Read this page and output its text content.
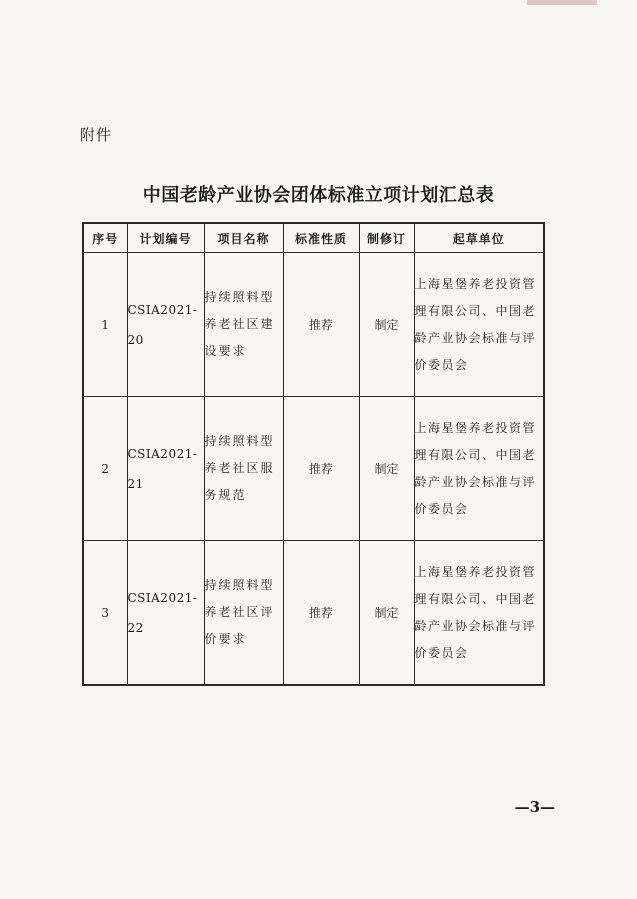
附件
中国老龄产业协会团体标准立项计划汇总表
序号	计划编号	项目名称	标准性质	制修订	起草单位
1	CSIA2021-20	持续照料型养老社区建设要求	推荐	制定	上海星堡养老投资管理有限公司、中国老龄产业协会标准与评价委员会

2	CSIA2021-21	持续照料型养老社区服务规范	推荐	制定	上海星堡养老投资管理有限公司、中国老龄产业协会标准与评价委员会

3	CSIA2021-22	持续照料型养老社区评价要求	推荐	制定	上海星堡养老投资管理有限公司、中国老龄产业协会标准与评价委员会
—3—
